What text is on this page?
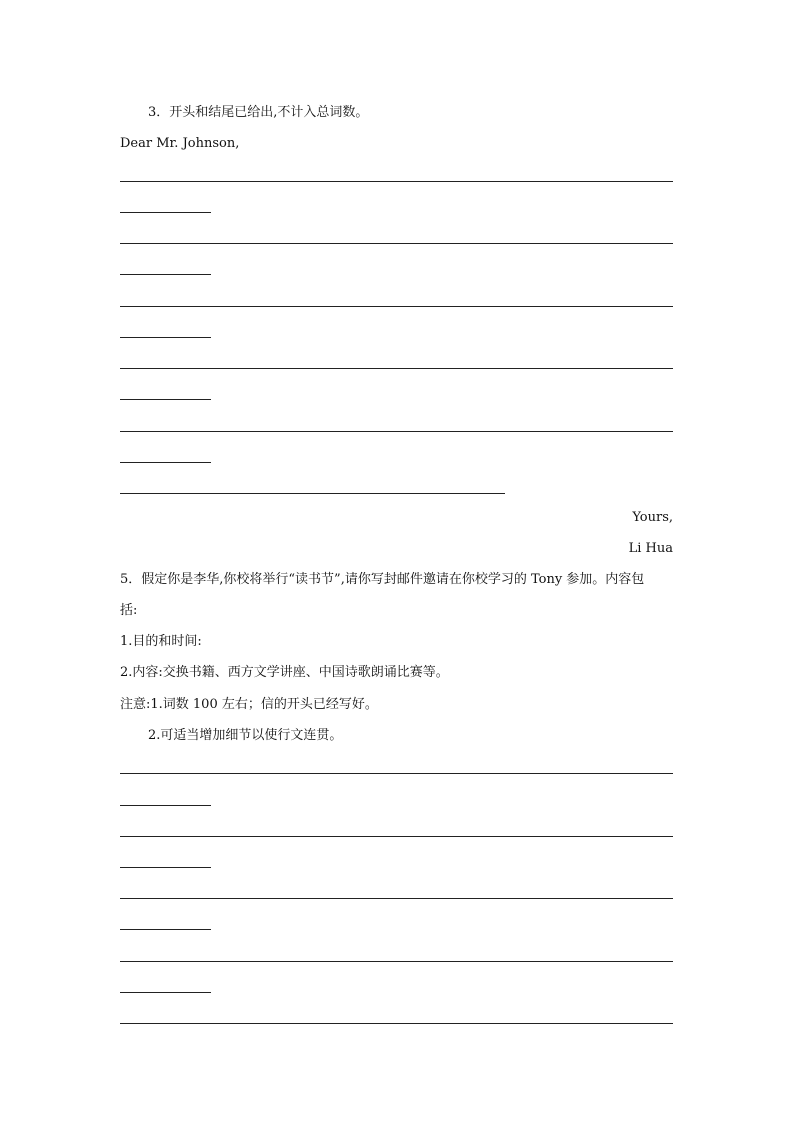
3．开头和结尾已给出,不计入总词数。
Dear Mr. Johnson,
Yours,
Li Hua
5．假定你是李华,你校将举行“读书节”,请你写封邮件邀请在你校学习的 Tony 参加。内容包
括:
1.目的和时间:
2.内容:交换书籍、西方文学讲座、中国诗歌朗诵比赛等。
注意:1.词数 100 左右；信的开头已经写好。
2.可适当增加细节以使行文连贯。
